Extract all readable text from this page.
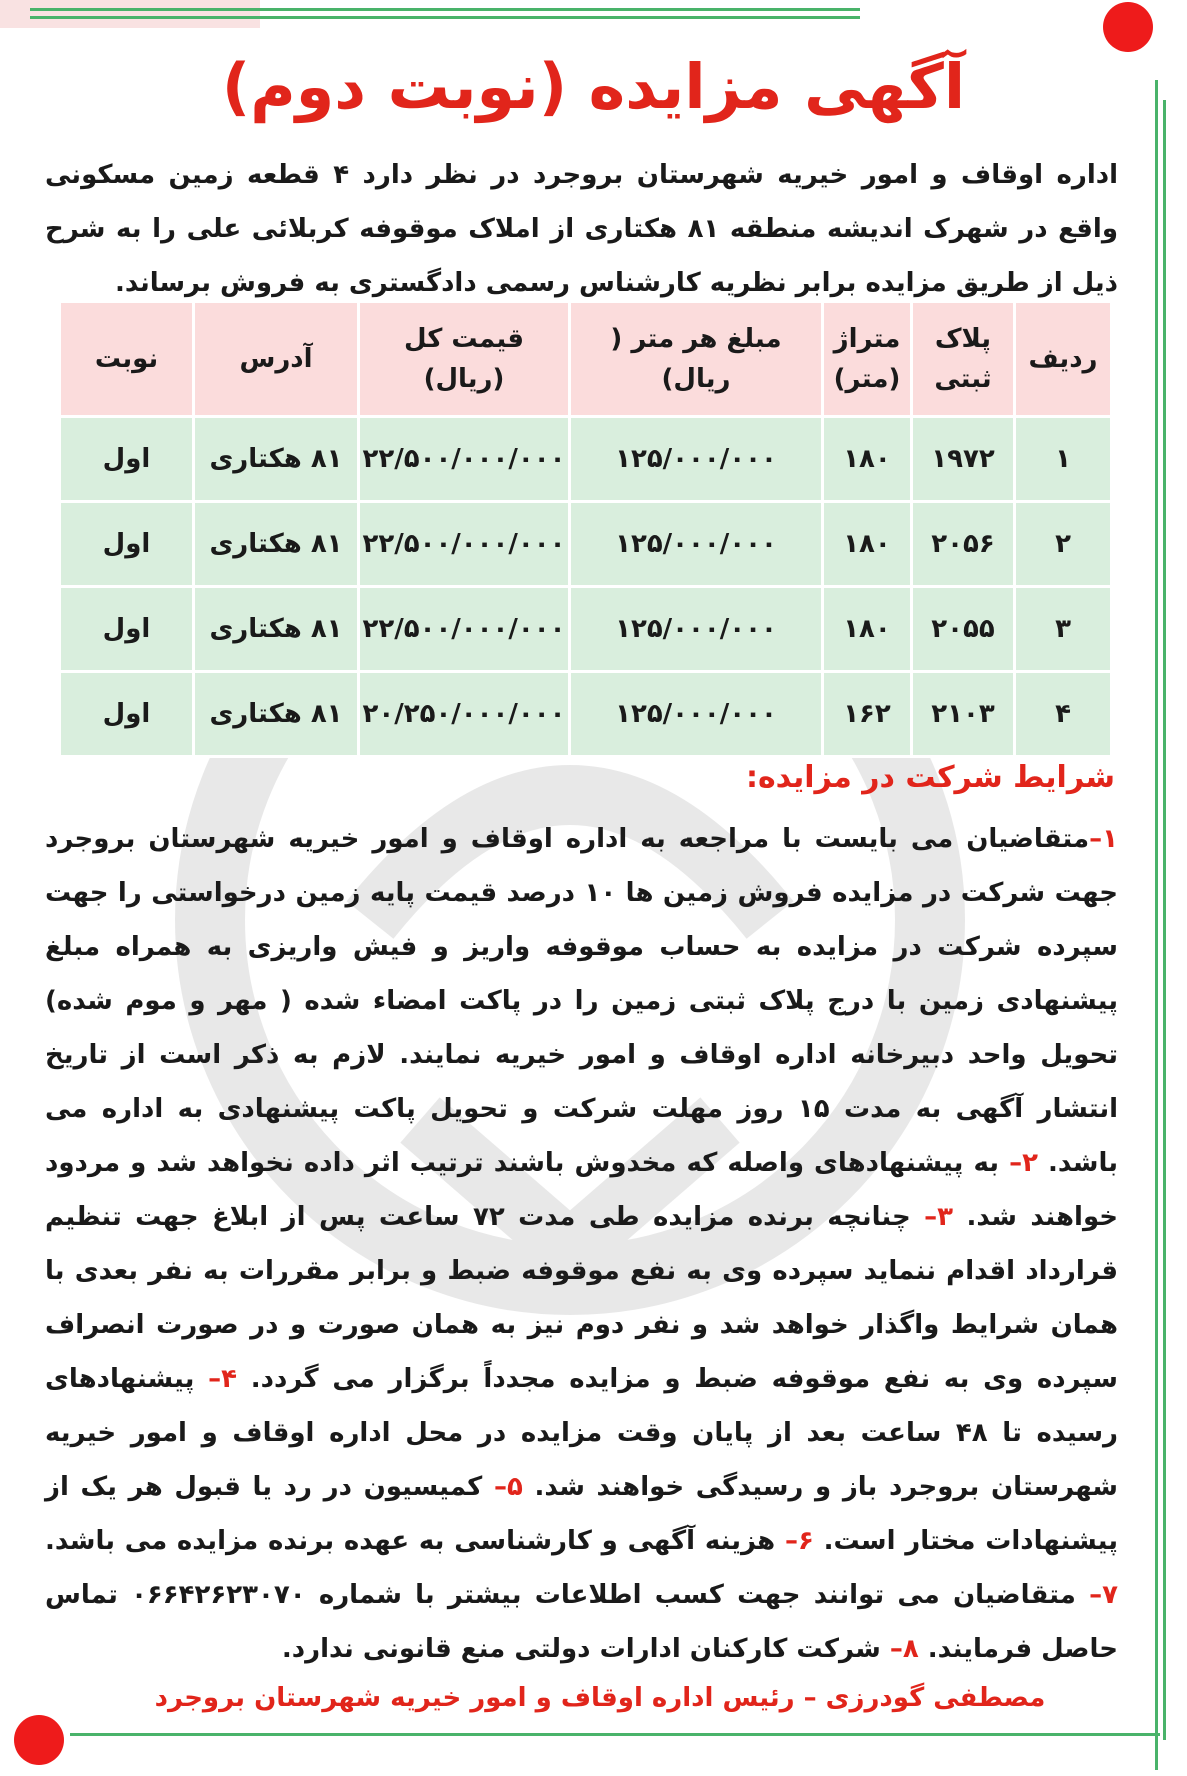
آگهی مزایده (نوبت دوم)
اداره اوقاف و امور خیریه شهرستان بروجرد در نظر دارد ۴ قطعه زمین مسکونی واقع در شهرک اندیشه منطقه ۸۱ هکتاری از املاک موقوفه کربلائی علی را به شرح ذیل از طریق مزایده برابر نظریه کارشناس رسمی دادگستری به فروش برساند.
ردیف	پلاک ثبتی	متراژ (متر)	مبلغ هر متر ( ریال)	قیمت کل (ریال)	آدرس	نوبت
۱	۱۹۷۲	۱۸۰	۱۲۵/۰۰۰/۰۰۰	۲۲/۵۰۰/۰۰۰/۰۰۰	۸۱ هکتاری	اول
۲	۲۰۵۶	۱۸۰	۱۲۵/۰۰۰/۰۰۰	۲۲/۵۰۰/۰۰۰/۰۰۰	۸۱ هکتاری	اول
۳	۲۰۵۵	۱۸۰	۱۲۵/۰۰۰/۰۰۰	۲۲/۵۰۰/۰۰۰/۰۰۰	۸۱ هکتاری	اول
۴	۲۱۰۳	۱۶۲	۱۲۵/۰۰۰/۰۰۰	۲۰/۲۵۰/۰۰۰/۰۰۰	۸۱ هکتاری	اول
شرایط شرکت در مزایده:
۱–متقاضیان می بایست با مراجعه به اداره اوقاف و امور خیریه شهرستان بروجرد جهت شرکت در مزایده فروش زمین ها ۱۰ درصد قیمت پایه زمین درخواستی را جهت سپرده شرکت در مزایده به حساب موقوفه واریز و فیش واریزی به همراه مبلغ پیشنهادی زمین با درج پلاک ثبتی زمین را در پاکت امضاء شده ( مهر و موم شده) تحویل واحد دبیرخانه اداره اوقاف و امور خیریه نمایند. لازم به ذکر است از تاریخ انتشار آگهی به مدت ۱۵ روز مهلت شرکت و تحویل پاکت پیشنهادی به اداره می باشد. ۲– به پیشنهادهای واصله که مخدوش باشند ترتیب اثر داده نخواهد شد و مردود خواهند شد. ۳– چنانچه برنده مزایده طی مدت ۷۲ ساعت پس از ابلاغ جهت تنظیم قرارداد اقدام ننماید سپرده وی به نفع موقوفه ضبط و برابر مقررات به نفر بعدی با همان شرایط واگذار خواهد شد و نفر دوم نیز به همان صورت و در صورت انصراف سپرده وی به نفع موقوفه ضبط و مزایده مجدداً برگزار می گردد. ۴– پیشنهادهای رسیده تا ۴۸ ساعت بعد از پایان وقت مزایده در محل اداره اوقاف و امور خیریه شهرستان بروجرد باز و رسیدگی خواهند شد. ۵– کمیسیون در رد یا قبول هر یک از پیشنهادات مختار است. ۶– هزینه آگهی و کارشناسی به عهده برنده مزایده می باشد. ۷– متقاضیان می توانند جهت کسب اطلاعات بیشتر با شماره ۰۶۶۴۲۶۲۳۰۷۰ تماس حاصل فرمایند. ۸– شرکت کارکنان ادارات دولتی منع قانونی ندارد.
مصطفی گودرزی – رئیس اداره اوقاف و امور خیریه شهرستان بروجرد
